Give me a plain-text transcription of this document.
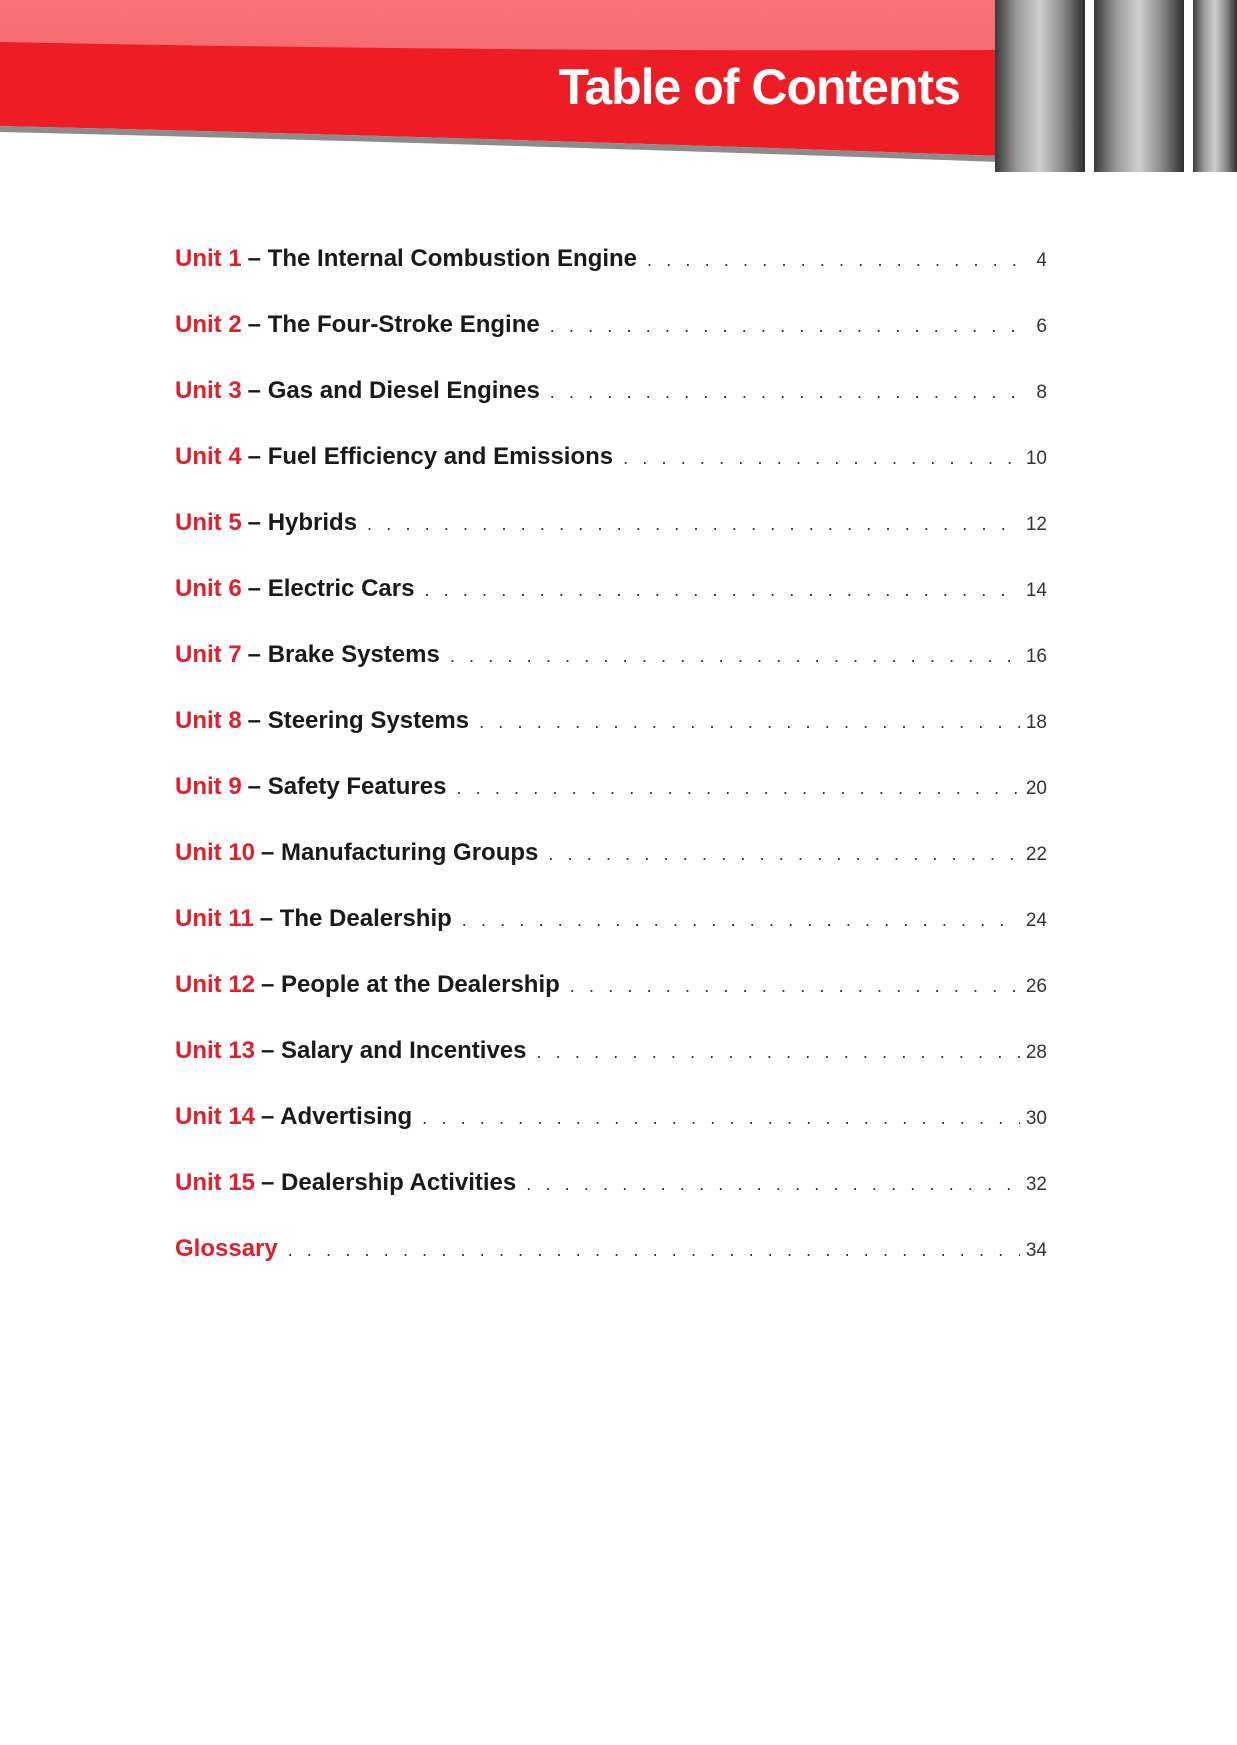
Table of Contents
Unit 1 – The Internal Combustion Engine . . .	4
Unit 2 – The Four-Stroke Engine . . .	6
Unit 3 – Gas and Diesel Engines . . .	8
Unit 4 – Fuel Efficiency and Emissions . . .	10
Unit 5 – Hybrids . . .	12
Unit 6 – Electric Cars . . .	14
Unit 7 – Brake Systems . . .	16
Unit 8 – Steering Systems . . .	18
Unit 9 – Safety Features . . .	20
Unit 10 – Manufacturing Groups . . .	22
Unit 11 – The Dealership . . .	24
Unit 12 – People at the Dealership . . .	26
Unit 13 – Salary and Incentives . . .	28
Unit 14 – Advertising . . .	30
Unit 15 – Dealership Activities . . .	32
Glossary . . .	34
